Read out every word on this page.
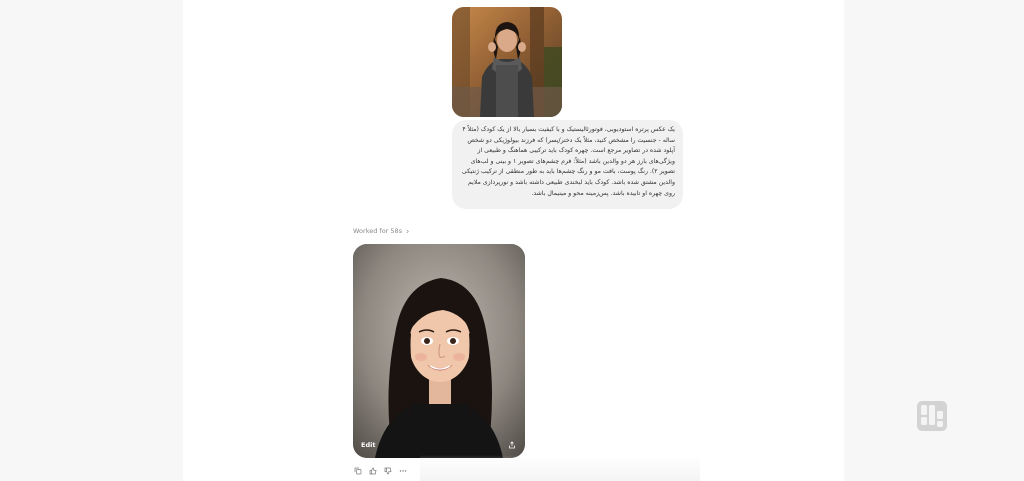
یک عکس پرتره استودیویی، فوتورئالیستیک و با کیفیت بسیار بالا از یک کودک (مثلاً ۴ ساله - جنسیت را مشخص کنید، مثلاً یک دختر/پسر) که فرزند بیولوژیکی دو شخص آپلود شده در تصاویر مرجع است. چهره کودک باید ترکیبی هماهنگ و طبیعی از ویژگی‌های بارز هر دو والدین باشد (مثلاً: فرم چشم‌های تصویر ۱ و بینی و لب‌های تصویر ۲). رنگ پوست، بافت مو و رنگ چشم‌ها باید به طور منطقی از ترکیب ژنتیکی والدین مشتق شده باشد. کودک باید لبخندی طبیعی داشته باشد و نورپردازی ملایم روی چهره او تابیده باشد. پس‌زمینه محو و مینیمال باشد.
Worked for 58s
Edit
